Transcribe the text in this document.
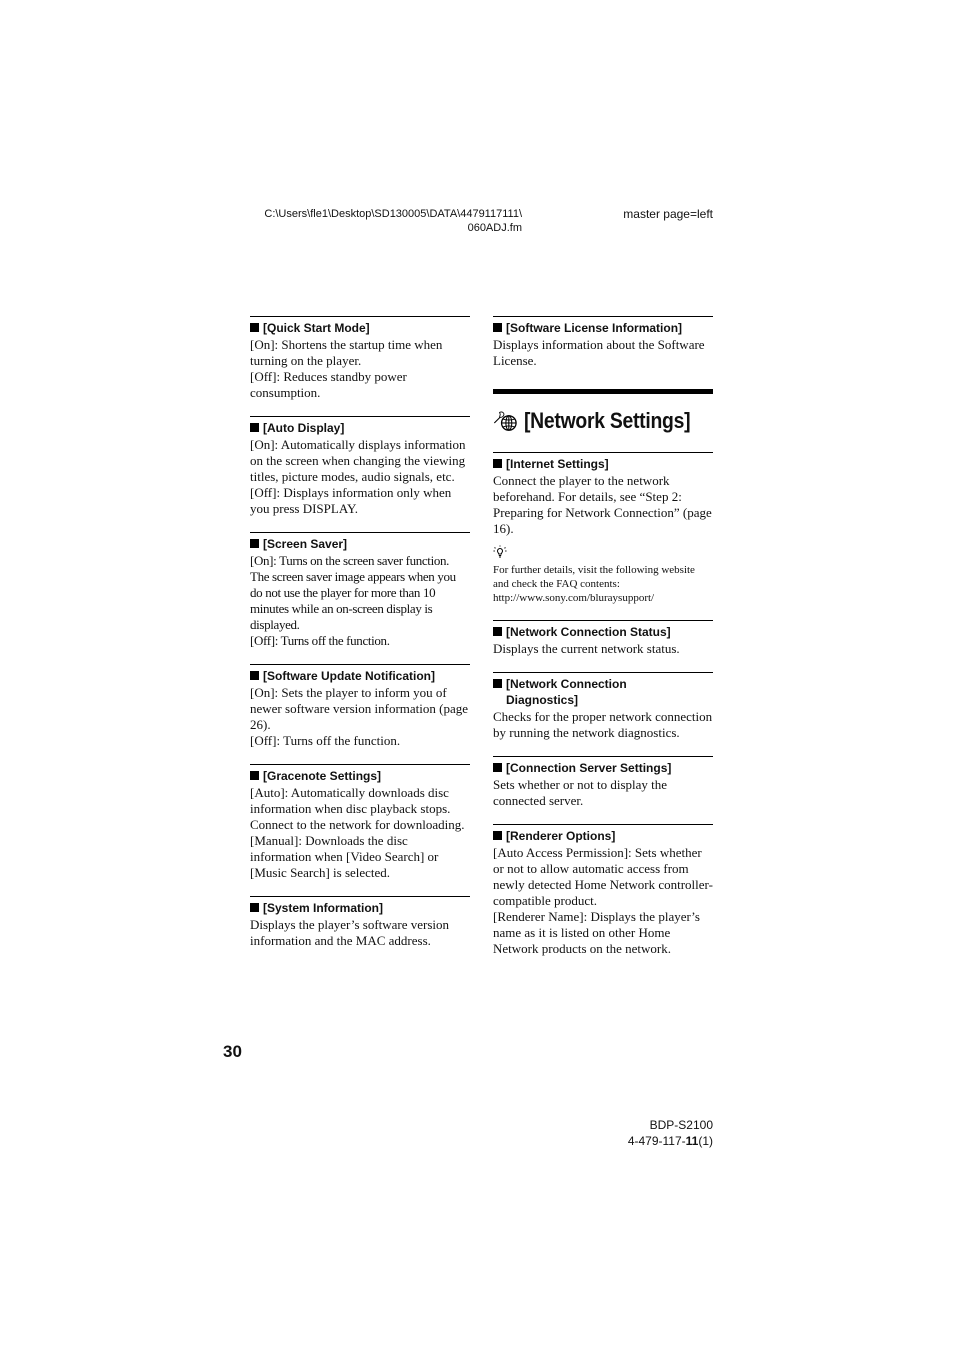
C:\Users\fle1\Desktop\SD130005\DATA\4479117111\
060ADJ.fm
master page=left
[Quick Start Mode]

[On]: Shortens the startup time when turning on the player.

[Off]: Reduces standby power consumption.

[Auto Display]

[On]: Automatically displays information on the screen when changing the viewing titles, picture modes, audio signals, etc.

[Off]: Displays information only when you press DISPLAY.

[Screen Saver]

[On]: Turns on the screen saver function. The screen saver image appears when you do not use the player for more than 10 minutes while an on-screen display is displayed.

[Off]: Turns off the function.

[Software Update Notification]

[On]: Sets the player to inform you of newer software version information (page 26).

[Off]: Turns off the function.

[Gracenote Settings]

[Auto]: Automatically downloads disc information when disc playback stops. Connect to the network for downloading.

[Manual]: Downloads the disc information when [Video Search] or [Music Search] is selected.

[System Information]

Displays the player’s software version information and the MAC address.

[Software License Information]

Displays information about the Software License.

[Network Settings]
[Internet Settings]

Connect the player to the network beforehand. For details, see “Step 2: Preparing for Network Connection” (page 16).

For further details, visit the following website
and check the FAQ contents:
http://www.sony.com/bluraysupport/
[Network Connection Status]

Displays the current network status.

[Network Connection Diagnostics]

Checks for the proper network connection by running the network diagnostics.

[Connection Server Settings]

Sets whether or not to display the connected server.

[Renderer Options]

[Auto Access Permission]: Sets whether or not to allow automatic access from newly detected Home Network controller-compatible product.

[Renderer Name]: Displays the player’s name as it is listed on other Home Network products on the network.

30
BDP-S2100
4-479-117-11(1)
